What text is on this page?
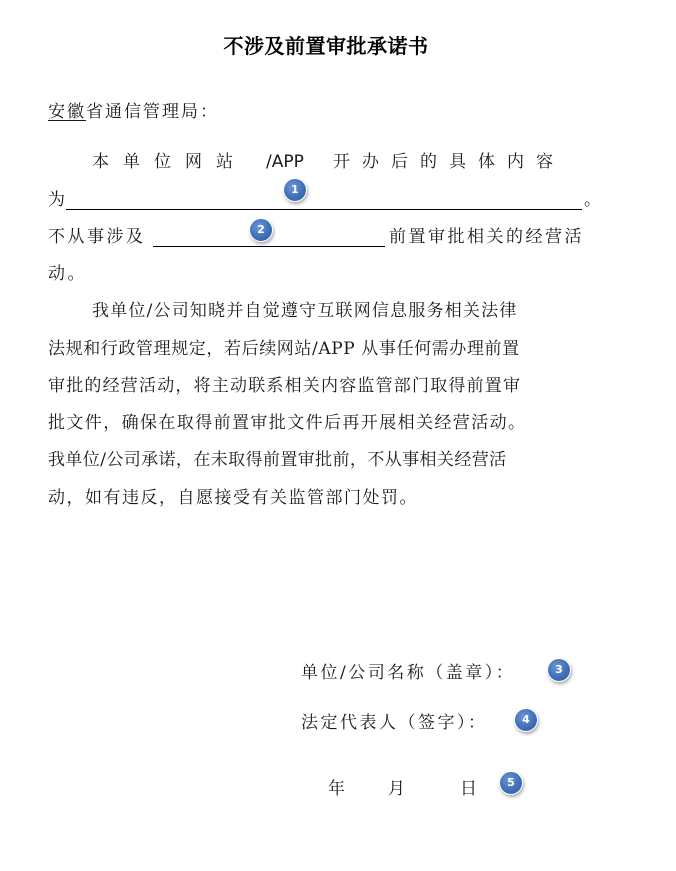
不涉及前置审批承诺书
安徽省通信管理局：
本单位网站 /APP 开办后的具体内容
为	。
不从事涉及	前置审批相关的经营活
动。
我单位/公司知晓并自觉遵守互联网信息服务相关法律
法规和行政管理规定，若后续网站/APP 从事任何需办理前置
审批的经营活动，将主动联系相关内容监管部门取得前置审
批文件，确保在取得前置审批文件后再开展相关经营活动。
我单位/公司承诺，在未取得前置审批前，不从事相关经营活
动，如有违反，自愿接受有关监管部门处罚。
单位/公司名称（盖章）：
法定代表人（签字）：
年	月	日
1
2
3
4
5
